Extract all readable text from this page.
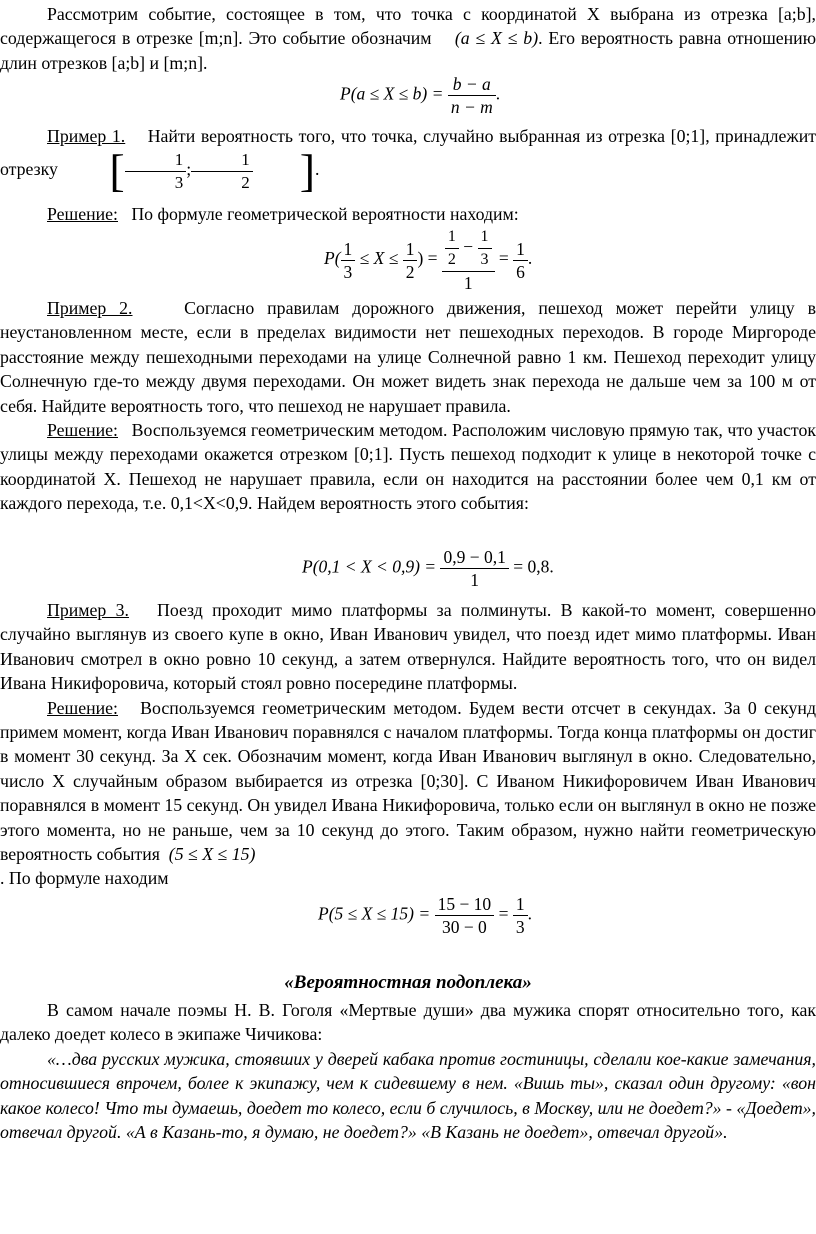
Рассмотрим событие, состоящее в том, что точка с координатой X выбрана из отрезка [a;b], содержащегося в отрезке [m;n]. Это событие обозначим (a ≤ X ≤ b). Его вероятность равна отношению длин отрезков [a;b] и [m;n].

$P(a \le X \le b) = \frac{b - a}{n - m}$ .

Пример 1. Найти вероятность того, что точка, случайно выбранная из отрезка [0;1], принадлежит отрезку [ $\frac{1}{3}$ ; $\frac{1}{2}$ ].

Решение: По формуле геометрической вероятности находим:

$P( \frac{1}{3} \le X \le \frac{1}{2}$ ) = $\frac{\frac{1}{2} - \frac{1}{3}}{1} = \frac{1}{6}$ .

Пример 2.	Согласно правилам дорожного движения, пешеход может перейти улицу в неустановленном месте, если в пределах видимости нет пешеходных переходов. В городе Миргороде расстояние между пешеходными переходами на улице Солнечной равно 1 км. Пешеход переходит улицу Солнечную где-то между двумя переходами. Он может видеть знак перехода не дальше чем за 100 м от себя. Найдите вероятность того, что пешеход не нарушает правила.

Решение: Воспользуемся геометрическим методом. Расположим числовую прямую так, что участок улицы между переходами окажется отрезком [0;1]. Пусть пешеход подходит к улице в некоторой точке с координатой X. Пешеход не нарушает правила, если он находится на расстоянии более чем 0,1 км от каждого перехода, т.е. 0,1<X<0,9. Найдем вероятность этого события:

$P(0,1 < X < 0,9) = \frac{0,9 - 0,1}{1} = 0,8$.

Пример 3. Поезд проходит мимо платформы за полминуты. В какой-то момент, совершенно случайно выглянув из своего купе в окно, Иван Иванович увидел, что поезд идет мимо платформы. Иван Иванович смотрел в окно ровно 10 секунд, а затем отвернулся. Найдите вероятность того, что он видел Ивана Никифоровича, который стоял ровно посередине платформы.

Решение: Воспользуемся геометрическим методом. Будем вести отсчет в секундах. За 0 секунд примем момент, когда Иван Иванович поравнялся с началом платформы. Тогда конца платформы он достиг в момент 30 секунд. За X сек. Обозначим момент, когда Иван Иванович выглянул в окно. Следовательно, число X случайным образом выбирается из отрезка [0;30]. С Иваном Никифоровичем Иван Иванович поравнялся в момент 15 секунд. Он увидел Ивана Никифоровича, только если он выглянул в окно не позже этого момента, но не раньше, чем за 10 секунд до этого. Таким образом, нужно найти геометрическую вероятность события (5 ≤ X ≤ 15)

. По формуле находим

$P(5 \le X \le 15) = \frac{15 - 10}{30 - 0} = \frac{1}{3}$ .
«Вероятностная подоплека»

В самом начале поэмы Н. В. Гоголя «Мертвые души» два мужика спорят относительно того, как далеко доедет колесо в экипаже Чичикова:

«…два русских мужика, стоявших у дверей кабака против гостиницы, сделали кое-какие замечания, относившиеся впрочем, более к экипажу, чем к сидевшему в нем. «Вишь ты», сказал один другому: «вон какое колесо! Что ты думаешь, доедет то колесо, если б случилось, в Москву, или не доедет?» - «Доедет», отвечал другой. «А в Казань-то, я думаю, не доедет?» «В Казань не доедет», отвечал другой».
